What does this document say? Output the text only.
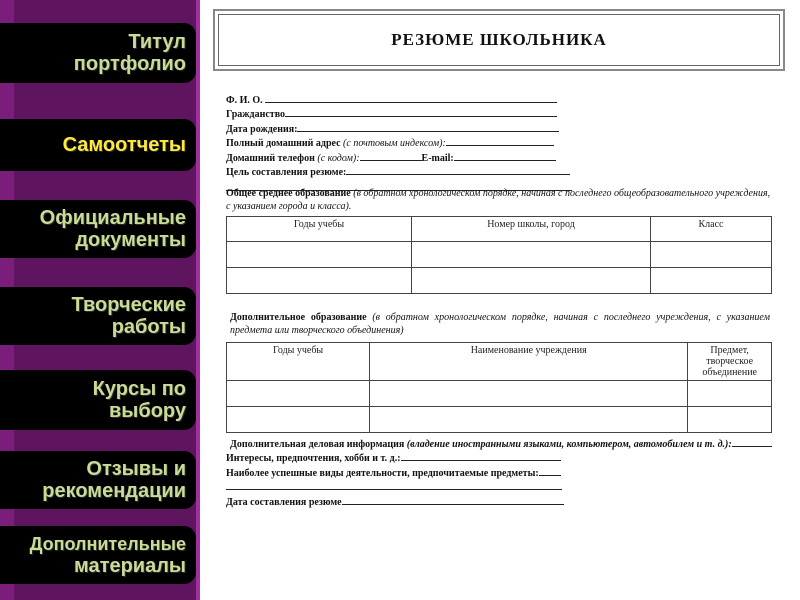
Титул
портфолио
Самоотчеты
Официальные
документы
Творческие
работы
Курсы по
выбору
Отзывы и
рекомендации
Дополнительные
материалы
РЕЗЮМЕ ШКОЛЬНИКА
Ф. И. О.
Гражданство
Дата рождения:
Полный домашний адрес (с почтовым индексом):
Домашний телефон (с кодом):	E-mail:
Цель составления резюме:
Общее среднее образование (в обратном хронологическом порядке, начиная с последнего общеобразовательного учреждения, с указанием города и класса).
Годы учебы	Номер школы, город	Класс

Дополнительное образование (в обратном хронологическом порядке, начиная с последнего учреждения, с указанием предмета или творческого объединения)
Годы учебы	Наименование учреждения	Предмет, творческое объединение

Дополнительная деловая информация (владение иностранными языками, компьютером, автомобилем и т. д.):
Интересы, предпочтения, хобби и т. д.:
Наиболее успешные виды деятельности, предпочитаемые предметы:
Дата составления резюме
